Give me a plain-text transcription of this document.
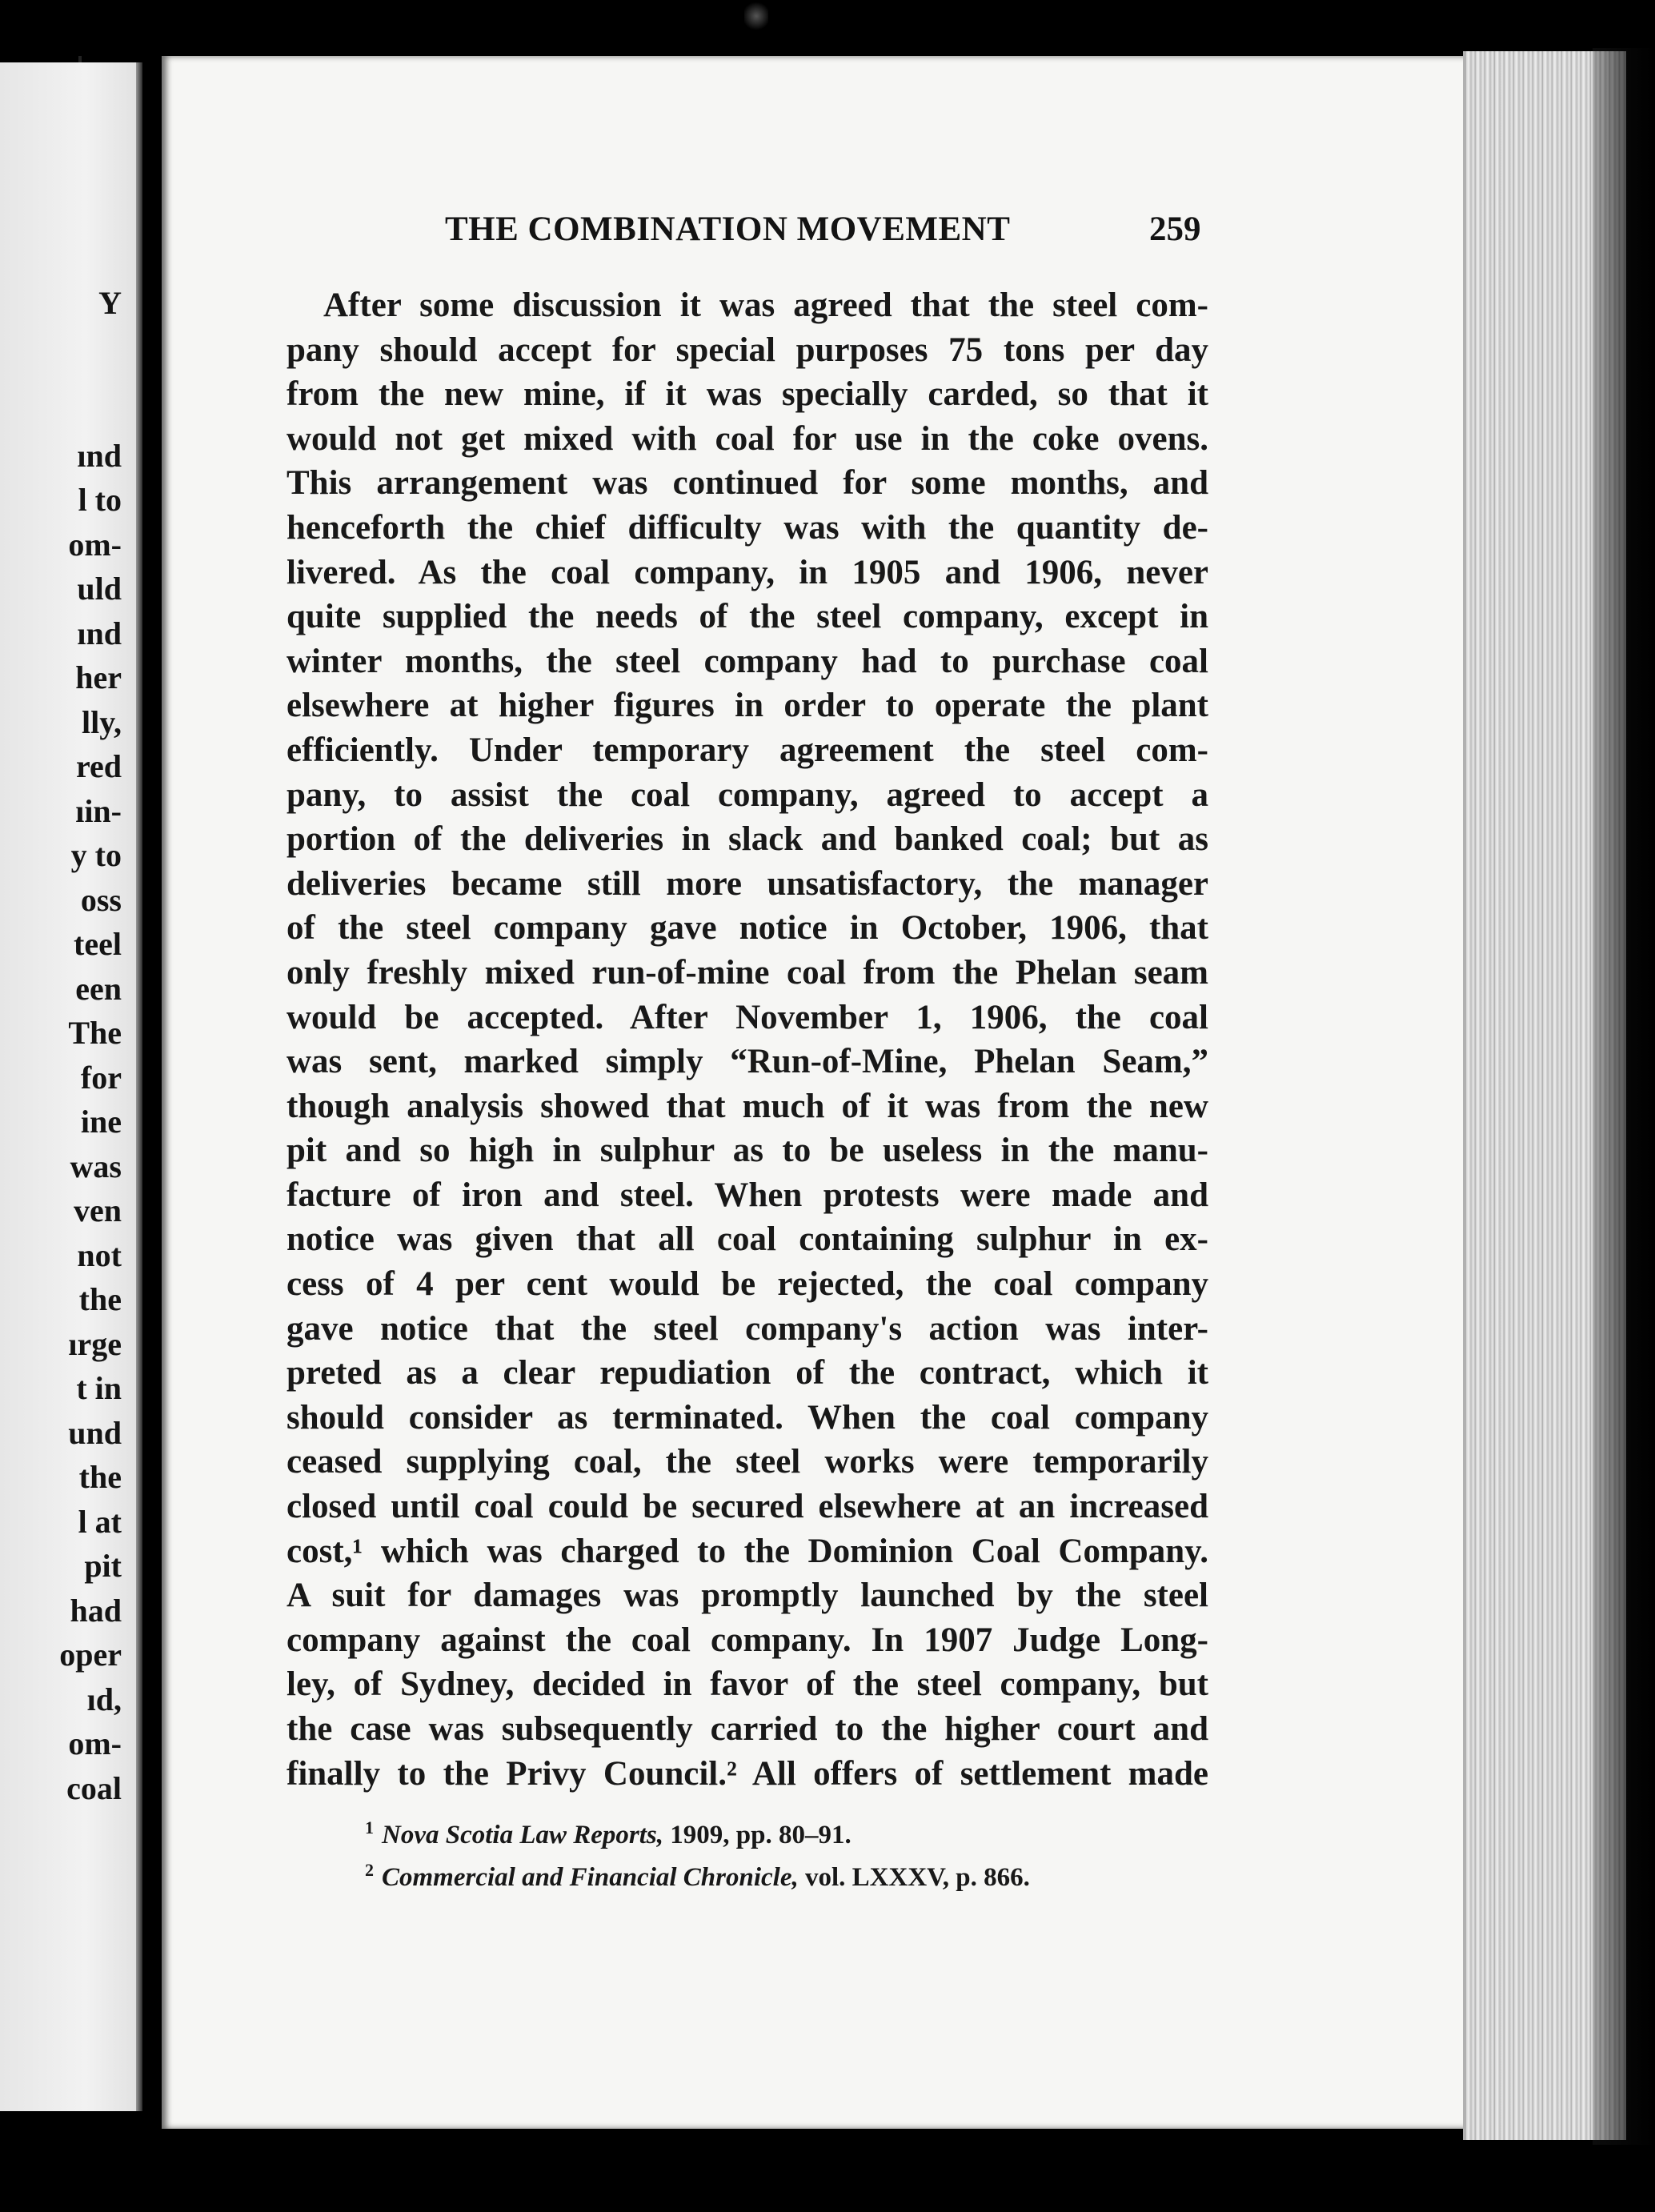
Y

ınd
l to
om-
uld
ınd
her
lly,
red
ıin-
y to
oss
teel
een
The
for
ine
was
ven
not
the
ırge
t in
und
the
l at
pit
had
oper
ıd,
om-
coal
THE COMBINATION MOVEMENT	259
After some discussion it was agreed that the steel com-
pany should accept for special purposes 75 tons per day
from the new mine, if it was specially carded, so that it
would not get mixed with coal for use in the coke ovens.
This arrangement was continued for some months, and
henceforth the chief difficulty was with the quantity de-
livered. As the coal company, in 1905 and 1906, never
quite supplied the needs of the steel company, except in
winter months, the steel company had to purchase coal
elsewhere at higher figures in order to operate the plant
efficiently. Under temporary agreement the steel com-
pany, to assist the coal company, agreed to accept a
portion of the deliveries in slack and banked coal; but as
deliveries became still more unsatisfactory, the manager
of the steel company gave notice in October, 1906, that
only freshly mixed run-of-mine coal from the Phelan seam
would be accepted. After November 1, 1906, the coal
was sent, marked simply “Run-of-Mine, Phelan Seam,”
though analysis showed that much of it was from the new
pit and so high in sulphur as to be useless in the manu-
facture of iron and steel. When protests were made and
notice was given that all coal containing sulphur in ex-
cess of 4 per cent would be rejected, the coal company
gave notice that the steel company's action was inter-
preted as a clear repudiation of the contract, which it
should consider as terminated. When the coal company
ceased supplying coal, the steel works were temporarily
closed until coal could be secured elsewhere at an increased
cost,¹ which was charged to the Dominion Coal Company.
A suit for damages was promptly launched by the steel
company against the coal company. In 1907 Judge Long-
ley, of Sydney, decided in favor of the steel company, but
the case was subsequently carried to the higher court and
finally to the Privy Council.² All offers of settlement made
$^1$ Nova Scotia Law Reports, 1909, pp. 80–91.
$^2$ Commercial and Financial Chronicle, vol. LXXXV, p. 866.
